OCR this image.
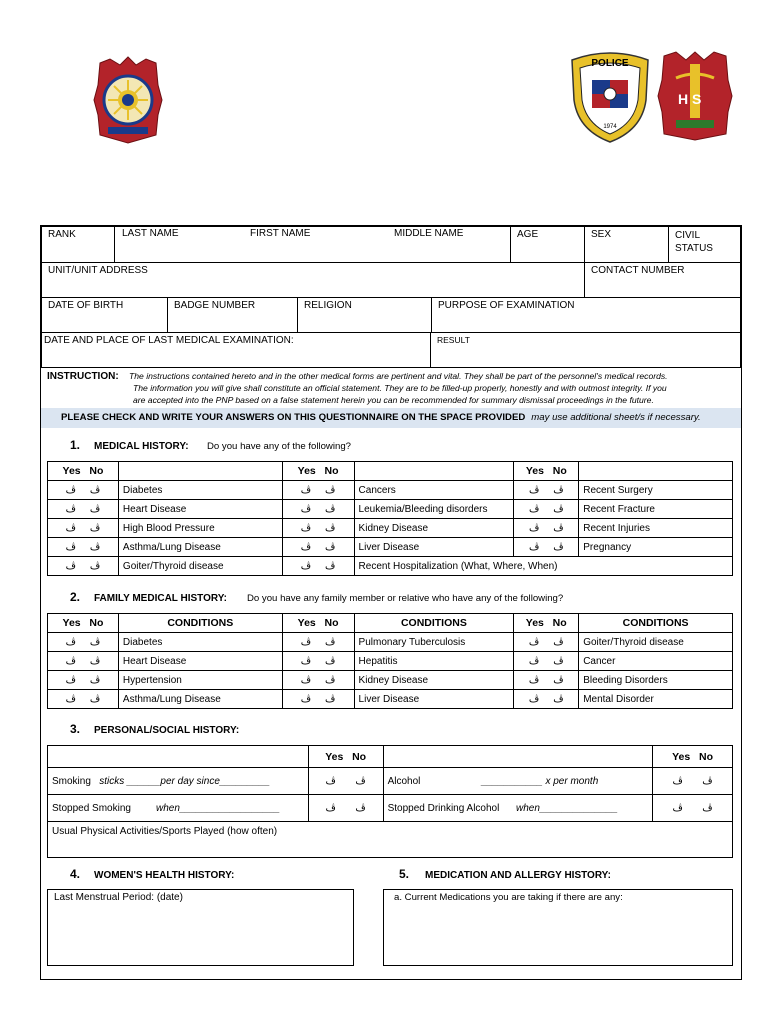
POLICE
1974
H S
RANK	LAST NAME	FIRST NAME	MIDDLE NAME	AGE	SEX	CIVIL
STATUS
UNIT/UNIT ADDRESS	CONTACT NUMBER
DATE OF BIRTH	BADGE NUMBER	RELIGION	PURPOSE OF EXAMINATION
DATE AND PLACE OF LAST MEDICAL EXAMINATION:	RESULT
INSTRUCTION: The instructions contained hereto and in the other medical forms are pertinent and vital. They shall be part of the personnel's medical records.
The information you will give shall constitute an official statement. They are to be filled-up properly, honestly and with outmost integrity. If you
are accepted into the PNP based on a false statement herein you can be recommended for summary dismissal proceedings in the future.
PLEASE CHECK AND WRITE YOUR ANSWERS ON THIS QUESTIONNAIRE ON THE SPACE PROVIDED may use additional sheet/s if necessary.
1. MEDICAL HISTORY: Do you have any of the following?
Yes No		Yes No		Yes No	
ﭪ     ﭪ	Diabetes	ﭪ     ﭪ	Cancers	ﭪ     ﭪ	Recent Surgery
ﭪ     ﭪ	Heart Disease	ﭪ     ﭪ	Leukemia/Bleeding disorders	ﭪ     ﭪ	Recent Fracture
ﭪ     ﭪ	High Blood Pressure	ﭪ     ﭪ	Kidney Disease	ﭪ     ﭪ	Recent Injuries
ﭪ     ﭪ	Asthma/Lung Disease	ﭪ     ﭪ	Liver Disease	ﭪ     ﭪ	Pregnancy
ﭪ     ﭪ	Goiter/Thyroid disease	ﭪ     ﭪ	Recent Hospitalization (What, Where, When)		
2. FAMILY MEDICAL HISTORY: Do you have any family member or relative who have any of the following?
Yes No	CONDITIONS	Yes No	CONDITIONS	Yes No	CONDITIONS
ﭪ     ﭪ	Diabetes	ﭪ     ﭪ	Pulmonary Tuberculosis	ﭪ     ﭪ	Goiter/Thyroid disease
ﭪ     ﭪ	Heart Disease	ﭪ     ﭪ	Hepatitis	ﭪ     ﭪ	Cancer
ﭪ     ﭪ	Hypertension	ﭪ     ﭪ	Kidney Disease	ﭪ     ﭪ	Bleeding Disorders
ﭪ     ﭪ	Asthma/Lung Disease	ﭪ     ﭪ	Liver Disease	ﭪ     ﭪ	Mental Disorder
3. PERSONAL/SOCIAL HISTORY:
	Yes No		Yes No
Smoking sticks ______per day since_________	ﭪ       ﭪ	Alcohol ___________ x per month	ﭪ       ﭪ
Stopped Smoking when__________________	ﭪ       ﭪ	Stopped Drinking Alcohol when______________	ﭪ       ﭪ
Usual Physical Activities/Sports Played (how often)			
4. WOMEN'S HEALTH HISTORY:	5. MEDICATION AND ALLERGY HISTORY:
Last Menstrual Period: (date)	a. Current Medications you are taking if there are any:
